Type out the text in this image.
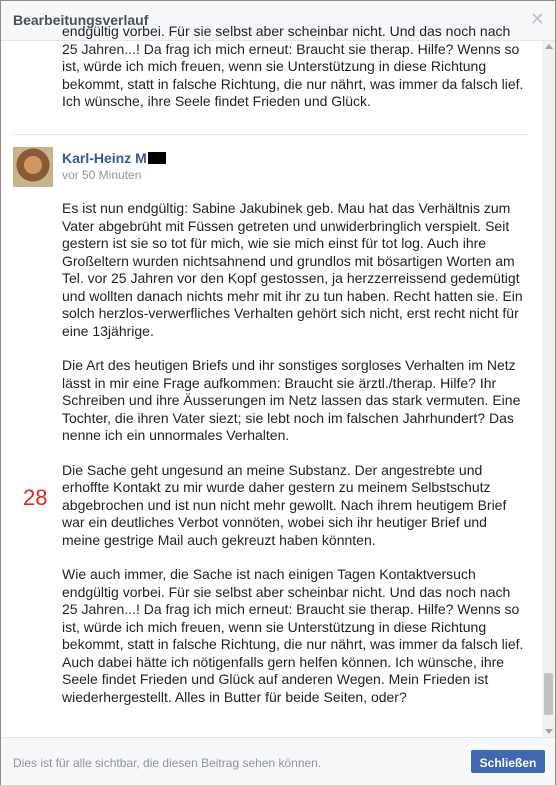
Bearbeitungsverlauf	✕

endgültig vorbei. Für sie selbst aber scheinbar nicht. Und das noch nach
25 Jahren...! Da frag ich mich erneut: Braucht sie therap. Hilfe? Wenns so
ist, würde ich mich freuen, wenn sie Unterstützung in diese Richtung
bekommt, statt in falsche Richtung, die nur nährt, was immer da falsch lief.
Ich wünsche, ihre Seele findet Frieden und Glück.

Karl-Heinz M
vor 50 Minuten

Es ist nun endgültig: Sabine Jakubinek geb. Mau hat das Verhältnis zum
Vater abgebrüht mit Füssen getreten und unwiderbringlich verspielt. Seit
gestern ist sie so tot für mich, wie sie mich einst für tot log. Auch ihre
Großeltern wurden nichtsahnend und grundlos mit bösartigen Worten am
Tel. vor 25 Jahren vor den Kopf gestossen, ja herzzerreissend gedemütigt
und wollten danach nichts mehr mit ihr zu tun haben. Recht hatten sie. Ein
solch herzlos-verwerfliches Verhalten gehört sich nicht, erst recht nicht für
eine 13jährige.

Die Art des heutigen Briefs und ihr sonstiges sorgloses Verhalten im Netz
lässt in mir eine Frage aufkommen: Braucht sie ärztl./therap. Hilfe? Ihr
Schreiben und ihre Äusserungen im Netz lassen das stark vermuten. Eine
Tochter, die ihren Vater siezt; sie lebt noch im falschen Jahrhundert? Das
nenne ich ein unnormales Verhalten.

Die Sache geht ungesund an meine Substanz. Der angestrebte und
erhoffte Kontakt zu mir wurde daher gestern zu meinem Selbstschutz
abgebrochen und ist nun nicht mehr gewollt. Nach ihrem heutigem Brief
war ein deutliches Verbot vonnöten, wobei sich ihr heutiger Brief und
meine gestrige Mail auch gekreuzt haben könnten.

Wie auch immer, die Sache ist nach einigen Tagen Kontaktversuch
endgültig vorbei. Für sie selbst aber scheinbar nicht. Und das noch nach
25 Jahren...! Da frag ich mich erneut: Braucht sie therap. Hilfe? Wenns so
ist, würde ich mich freuen, wenn sie Unterstützung in diese Richtung
bekommt, statt in falsche Richtung, die nur nährt, was immer da falsch lief.
Auch dabei hätte ich nötigenfalls gern helfen können. Ich wünsche, ihre
Seele findet Frieden und Glück auf anderen Wegen. Mein Frieden ist
wiederhergestellt. Alles in Butter für beide Seiten, oder?

28
Dies ist für alle sichtbar, die diesen Beitrag sehen können.	Schließen
